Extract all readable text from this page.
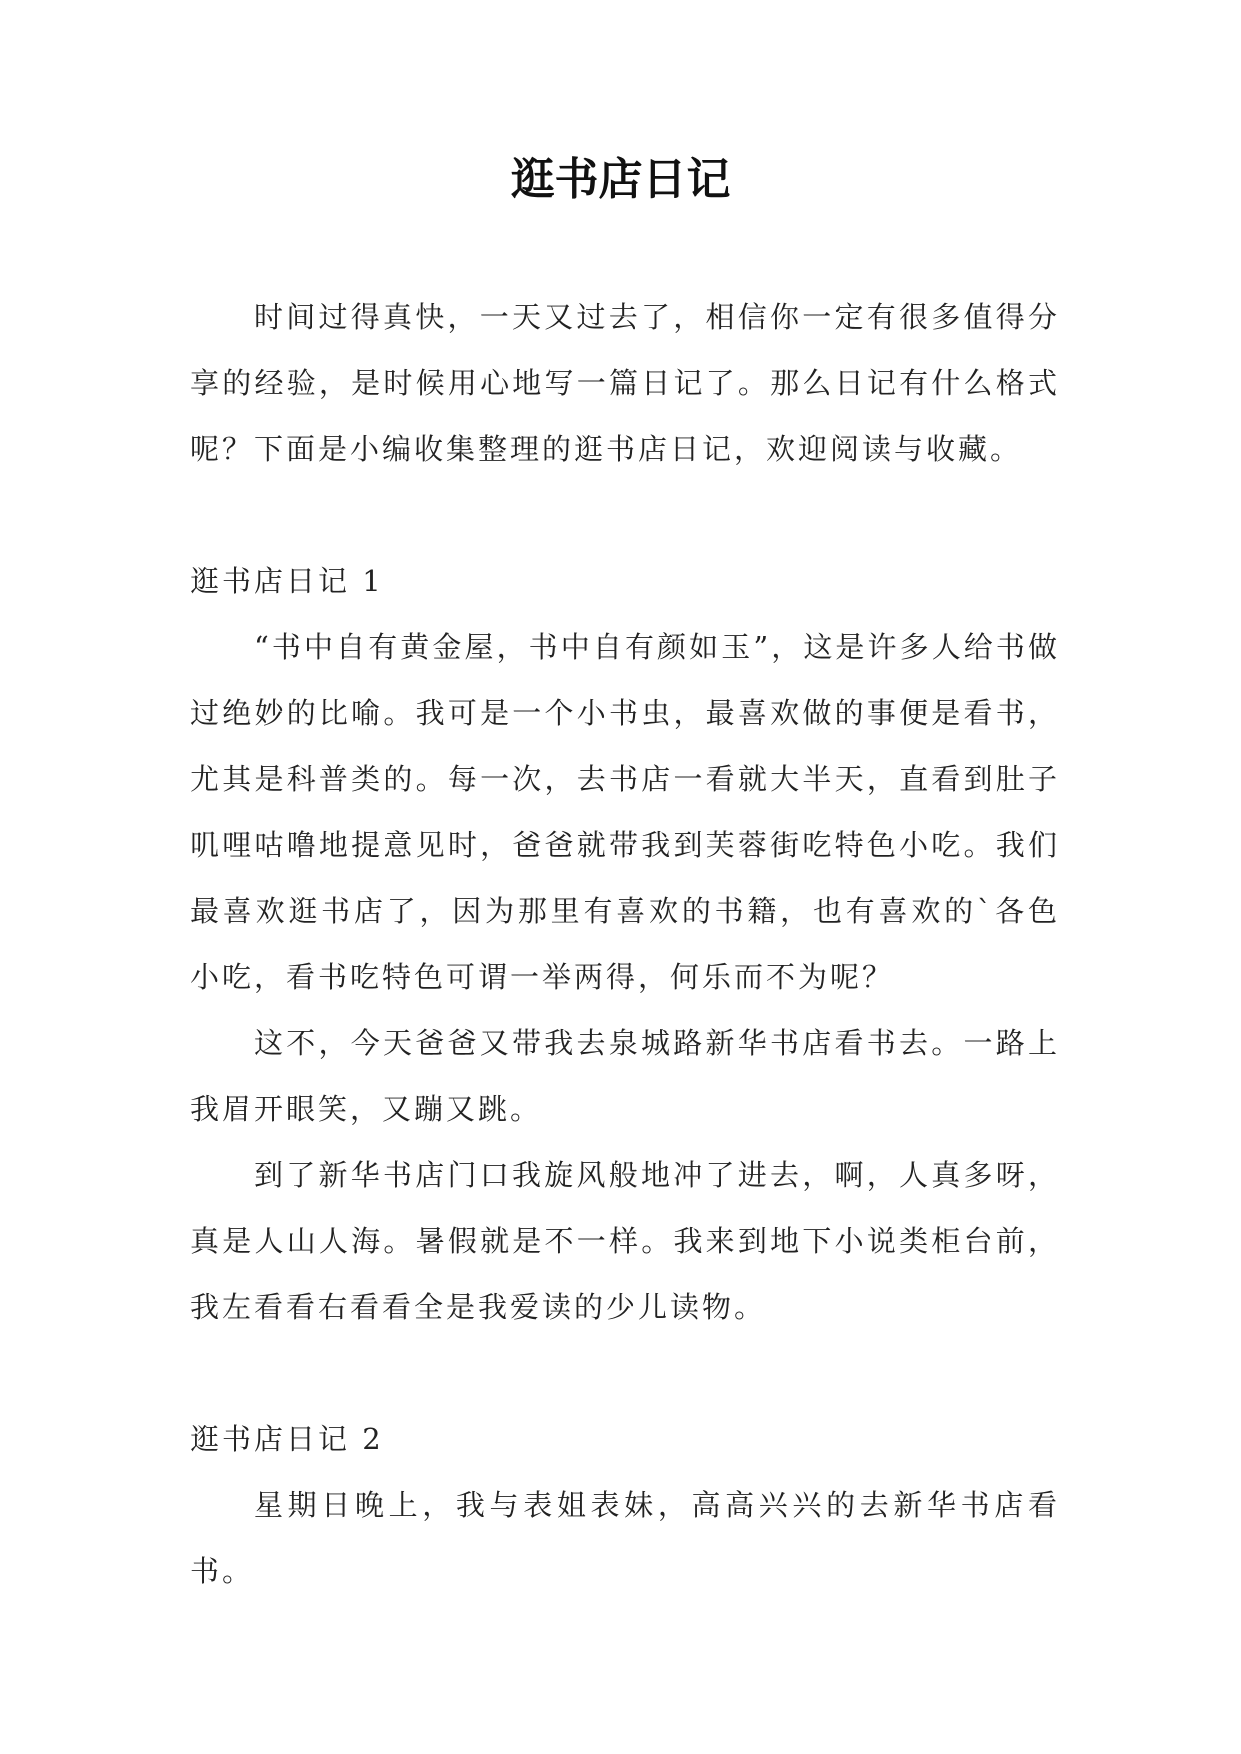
逛书店日记

时间过得真快，一天又过去了，相信你一定有很多值得分享的经验，是时候用心地写一篇日记了。那么日记有什么格式呢？下面是小编收集整理的逛书店日记，欢迎阅读与收藏。

逛书店日记 1

“书中自有黄金屋，书中自有颜如玉”，这是许多人给书做过绝妙的比喻。我可是一个小书虫，最喜欢做的事便是看书，尤其是科普类的。每一次，去书店一看就大半天，直看到肚子叽哩咕噜地提意见时，爸爸就带我到芙蓉街吃特色小吃。我们最喜欢逛书店了，因为那里有喜欢的书籍，也有喜欢的`各色小吃，看书吃特色可谓一举两得，何乐而不为呢？

这不，今天爸爸又带我去泉城路新华书店看书去。一路上我眉开眼笑，又蹦又跳。

到了新华书店门口我旋风般地冲了进去，啊，人真多呀，真是人山人海。暑假就是不一样。我来到地下小说类柜台前，我左看看右看看全是我爱读的少儿读物。

逛书店日记 2

星期日晚上，我与表姐表妹，高高兴兴的去新华书店看书。
